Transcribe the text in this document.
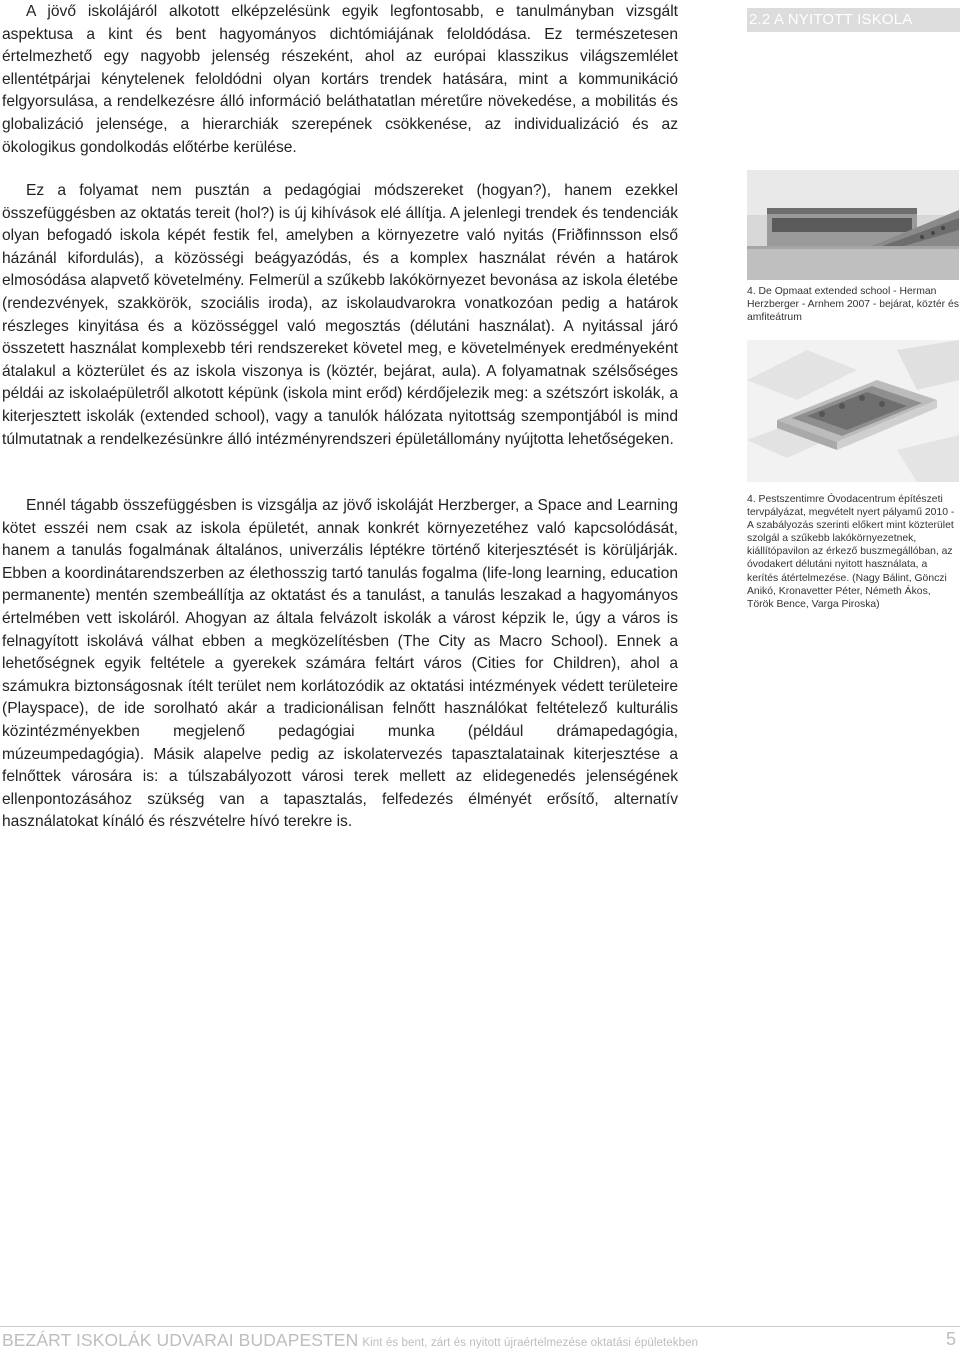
A jövő iskolájáról alkotott elképzelésünk egyik legfontosabb, e tanulmányban vizsgált aspektusa a kint és bent hagyományos dichtómiájának feloldódása. Ez természetesen értelmezhető egy nagyobb jelenség részeként, ahol az európai klasszikus világszemlélet ellentétpárjai kénytelenek feloldódni olyan kortárs trendek hatására, mint a kommunikáció felgyorsulása, a rendelkezésre álló információ beláthatatlan méretűre növekedése, a mobilitás és globalizáció jelensége, a hierarchiák szerepének csökkenése, az individualizáció és az ökologikus gondolkodás előtérbe kerülése.

Ez a folyamat nem pusztán a pedagógiai módszereket (hogyan?), hanem ezekkel összefüggésben az oktatás tereit (hol?) is új kihívások elé állítja. A jelenlegi trendek és tendenciák olyan befogadó iskola képét festik fel, amelyben a környezetre való nyitás (Friðfinnsson első házánál kifordulás), a közösségi beágyazódás, és a komplex használat révén a határok elmosódása alapvető követelmény. Felmerül a szűkebb lakókörnyezet bevonása az iskola életébe (rendezvények, szakkörök, szociális iroda), az iskolaudvarokra vonatkozóan pedig a határok részleges kinyitása és a közösséggel való megosztás (délutáni használat). A nyitással járó összetett használat komplexebb téri rendszereket követel meg, e követelmények eredményeként átalakul a közterület és az iskola viszonya is (köztér, bejárat, aula). A folyamatnak szélsőséges példái az iskolaépületről alkotott képünk (iskola mint erőd) kérdőjelezik meg: a szétszórt iskolák, a kiterjesztett iskolák (extended school), vagy a tanulók hálózata nyitottság szempontjából is mind túlmutatnak a rendelkezésünkre álló intézményrendszeri épületállomány nyújtotta lehetőségeken.

Ennél tágabb összefüggésben is vizsgálja az jövő iskoláját Herzberger, a Space and Learning kötet esszéi nem csak az iskola épületét, annak konkrét környezetéhez való kapcsolódását, hanem a tanulás fogalmának általános, univerzális léptékre történő kiterjesztését is körüljárják. Ebben a koordinátarendszerben az élethosszig tartó tanulás fogalma (life-long learning, education permanente) mentén szembeállítja az oktatást és a tanulást, a tanulás leszakad a hagyományos értelmében vett iskoláról. Ahogyan az általa felvázolt iskolák a várost képzik le, úgy a város is felnagyított iskolává válhat ebben a megközelítésben (The City as Macro School). Ennek a lehetőségnek egyik feltétele a gyerekek számára feltárt város (Cities for Children), ahol a számukra biztonságosnak ítélt terület nem korlátozódik az oktatási intézmények védett területeire (Playspace), de ide sorolható akár a tradicionálisan felnőtt használókat feltételező kulturális közintézményekben megjelenő pedagógiai munka (például drámapedagógia, múzeumpedagógia). Másik alapelve pedig az iskolatervezés tapasztalatainak kiterjesztése a felnőttek városára is: a túlszabályozott városi terek mellett az elidegenedés jelenségének ellenpontozásához szükség van a tapasztalás, felfedezés élményét erősítő, alternatív használatokat kínáló és részvételre hívó terekre is.

2.2 A NYITOTT ISKOLA

4. De Opmaat extended school - Herman Herzberger - Arnhem 2007 - bejárat, köztér és amfiteátrum

4. Pestszentimre Óvodacentrum építészeti tervpályázat, megvételt nyert pályamű 2010 - A szabályozás szerinti előkert mint közterület szolgál a szűkebb lakókörnyezetnek, kiállítópavilon az érkező buszmegállóban, az óvodakert délutáni nyitott használata, a kerítés átértelmezése. (Nagy Bálint, Gönczi Anikó, Kronavetter Péter, Németh Ákos, Török Bence, Varga Piroska)

BEZÁRT ISKOLÁK UDVARAI BUDAPESTEN Kint és bent, zárt és nyitott újraértelmezése oktatási épületekben	5
